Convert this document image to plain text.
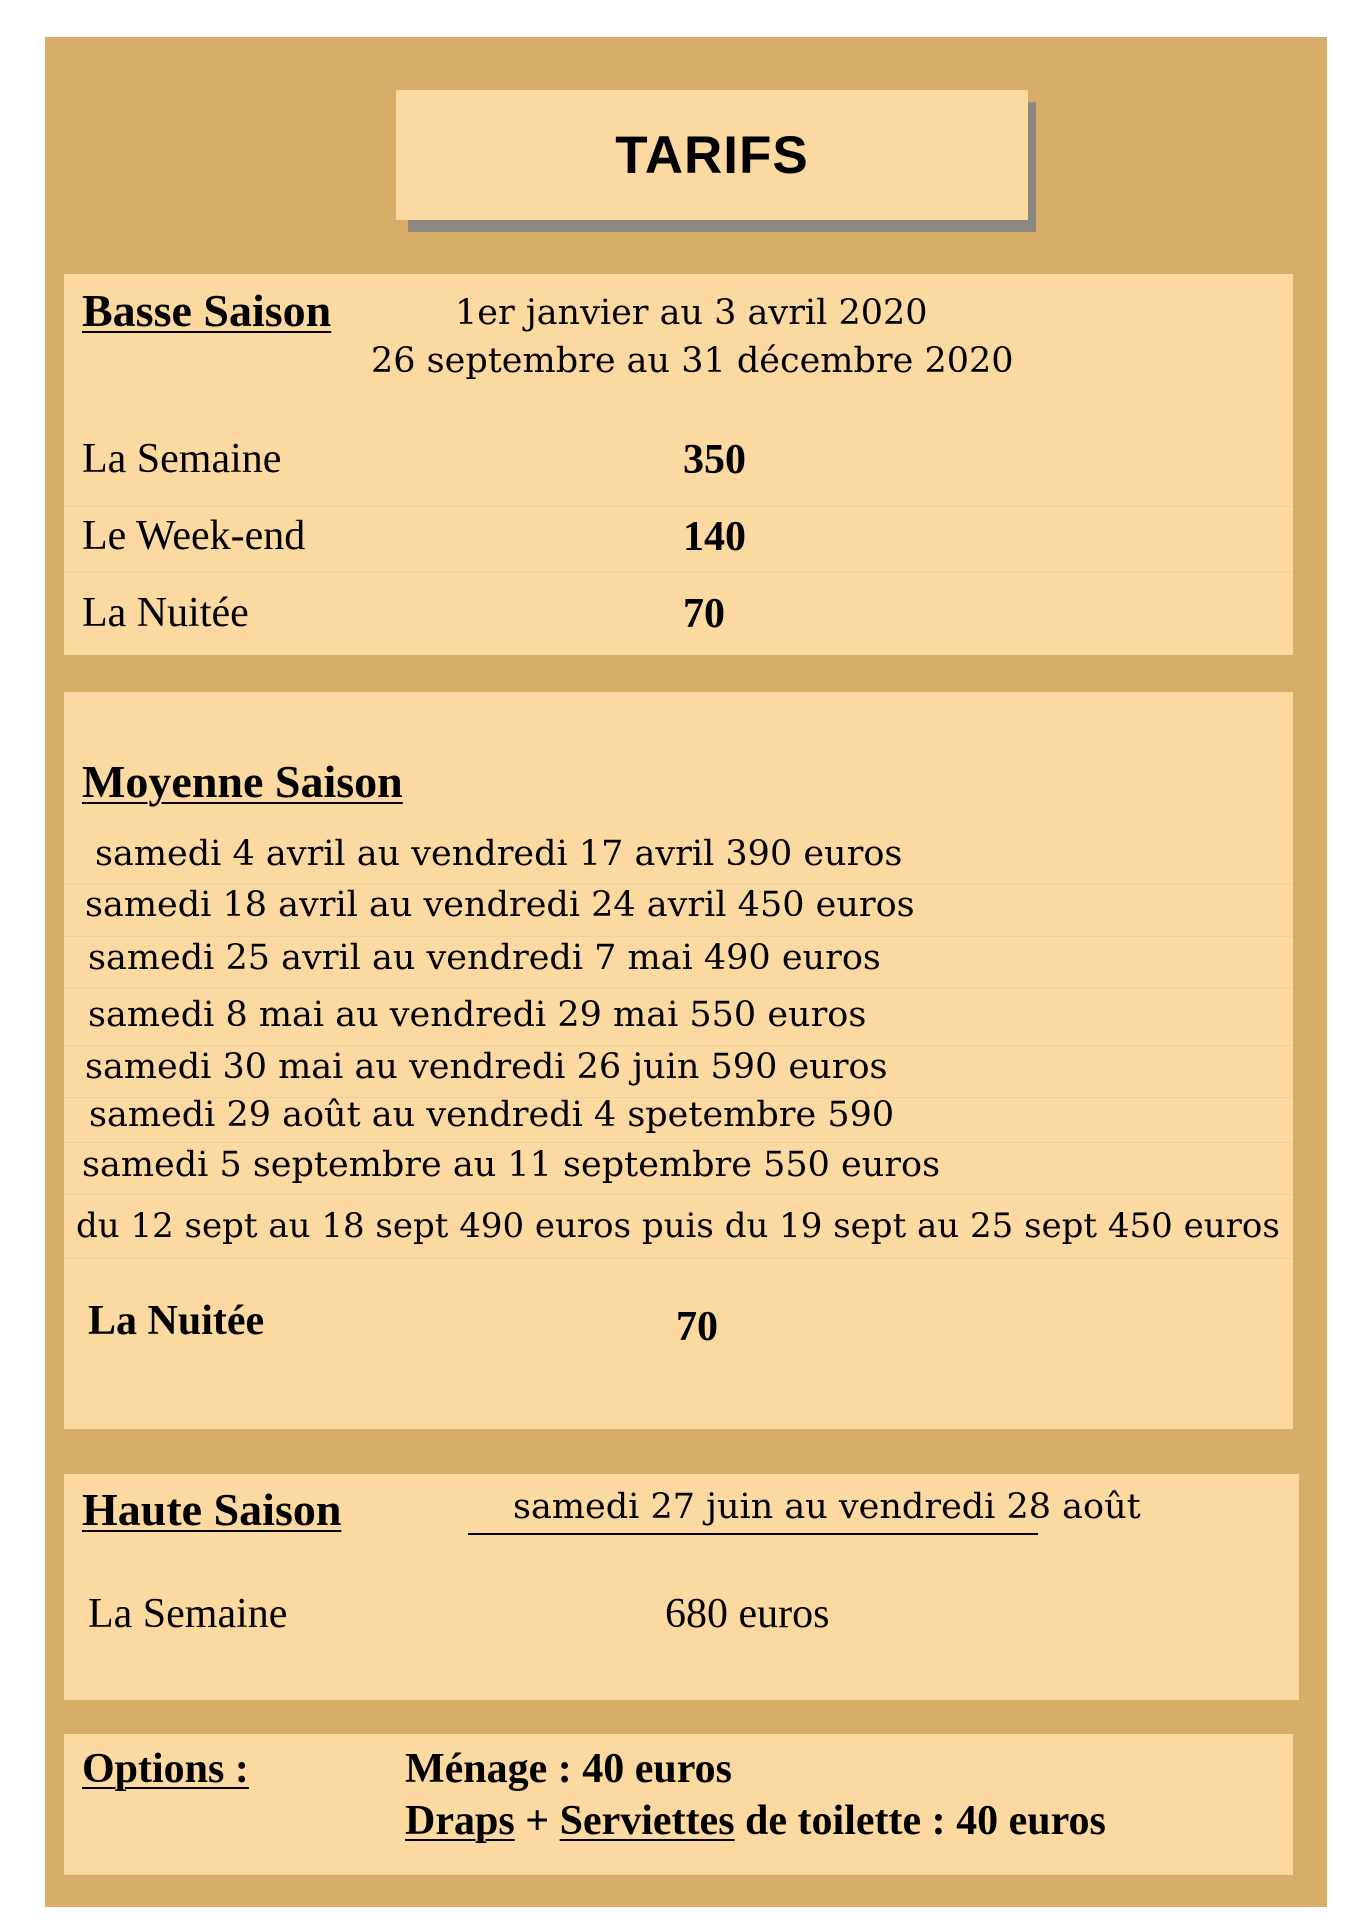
TARIFS
Basse Saison	1er janvier au 3 avril 2020
26 septembre au 31 décembre 2020
La Semaine	350
Le Week-end	140
La Nuitée	70
Moyenne Saison
samedi 4 avril au vendredi 17 avril 390 euros
samedi 18 avril au vendredi 24 avril 450 euros
samedi 25 avril au vendredi 7 mai 490 euros
samedi 8 mai au vendredi 29 mai 550 euros
samedi 30 mai au vendredi 26 juin 590 euros
samedi 29 août au vendredi 4 spetembre 590
samedi 5 septembre au 11 septembre 550 euros
du 12 sept au 18 sept 490 euros puis du 19 sept au 25 sept 450 euros
La Nuitée	70
Haute Saison	samedi 27 juin au vendredi 28 août
La Semaine	680 euros
Options :	Ménage : 40 euros
Draps + Serviettes de toilette : 40 euros
